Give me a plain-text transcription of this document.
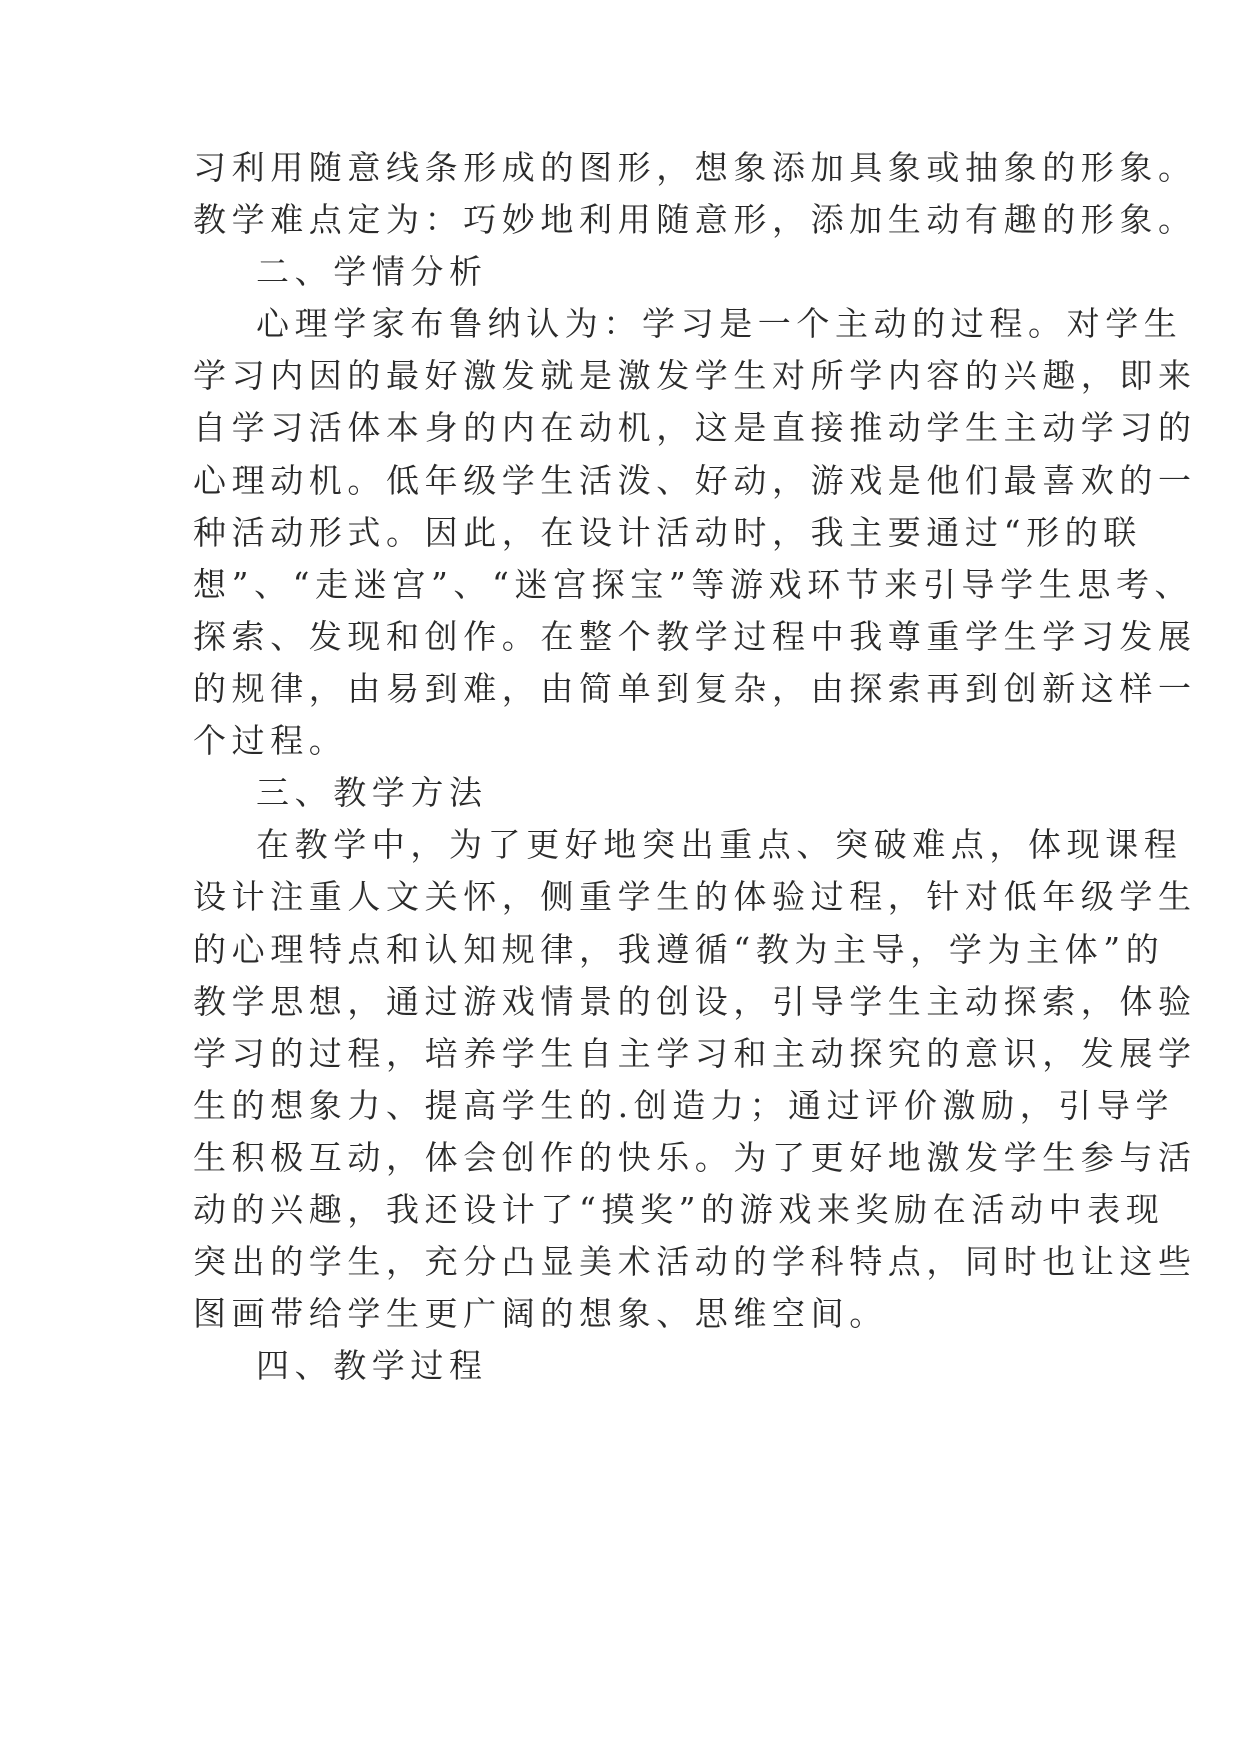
习利用随意线条形成的图形，想象添加具象或抽象的形象。
教学难点定为：巧妙地利用随意形，添加生动有趣的形象。
二、学情分析
心理学家布鲁纳认为：学习是一个主动的过程。对学生
学习内因的最好激发就是激发学生对所学内容的兴趣，即来
自学习活体本身的内在动机，这是直接推动学生主动学习的
心理动机。低年级学生活泼、好动，游戏是他们最喜欢的一
种活动形式。因此，在设计活动时，我主要通过“形的联
想”、“走迷宫”、“迷宫探宝”等游戏环节来引导学生思考、
探索、发现和创作。在整个教学过程中我尊重学生学习发展
的规律，由易到难，由简单到复杂，由探索再到创新这样一
个过程。
三、教学方法
在教学中，为了更好地突出重点、突破难点，体现课程
设计注重人文关怀，侧重学生的体验过程，针对低年级学生
的心理特点和认知规律，我遵循“教为主导，学为主体”的
教学思想，通过游戏情景的创设，引导学生主动探索，体验
学习的过程，培养学生自主学习和主动探究的意识，发展学
生的想象力、提高学生的.创造力；通过评价激励，引导学
生积极互动，体会创作的快乐。为了更好地激发学生参与活
动的兴趣，我还设计了“摸奖”的游戏来奖励在活动中表现
突出的学生，充分凸显美术活动的学科特点，同时也让这些
图画带给学生更广阔的想象、思维空间。
四、教学过程
